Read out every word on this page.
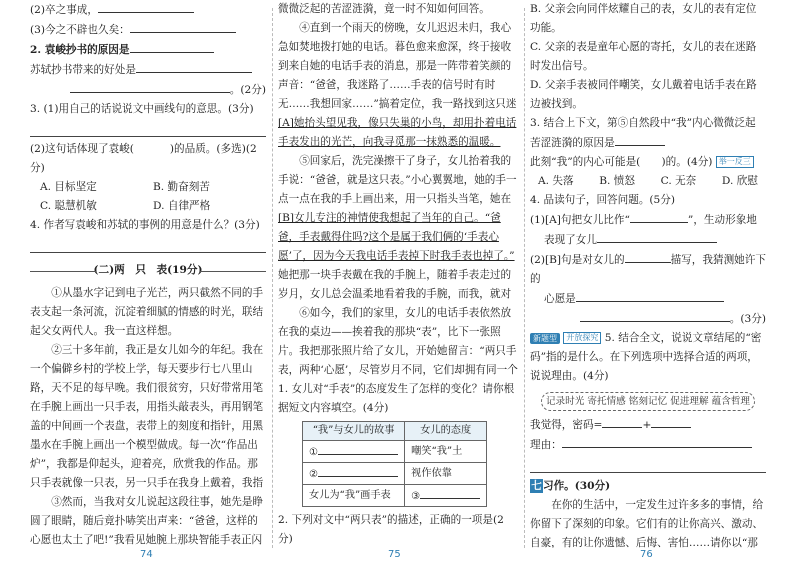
(2)卒之事成，

(3)今之不辟也久矣：

2. 袁峻抄书的原因是

苏轼抄书带来的好处是

。(2分)

3. (1)用自己的话说说文中画线句的意思。(3分)

(2)这句话体现了袁峻(	)的品质。(多选)(2分)

A. 目标坚定	B. 勤奋刻苦
C. 聪慧机敏	D. 自律严格

4. 作者写袁峻和苏轼的事例的用意是什么？(3分)

(二)两　只　表(19分)

①从墨水字记到电子光芒，两只截然不同的手表支起一条河流，沉淀着细腻的情感的时光，联结起父女两代人。我一直这样想。

②三十多年前，我正是女儿如今的年纪。我在一个偏僻乡村的学校上学，每天要步行七八里山路，天不足的每早晚。我们很贫穷，只好带常用笔在手腕上画出一只手表，用指头敲表头，再用钢笔盖的中间画一个表盘，表带上的刻度和指针，用黑墨水在手腕上画出一个模型做成。每一次“作品出炉”，我都是仰起头，迎着亮，欣赏我的作品。那只手表就像一只表，另一只手在我身上戴着，我指

③然而，当我对女儿说起这段往事，她先是睁圆了眼睛，随后竟扑哧笑出声来：“爸爸，这样的心愿也太土了吧!”我看见她腕上那块智能手表正闪

74

微微泛起的苦涩涟漪，竟一时不知如何回答。

④直到一个雨天的傍晚，女儿迟迟未归，我心急如焚地拨打她的电话。暮色愈来愈深，终于接收到来自她的电话手表的消息，那是一阵带着笑颜的声音：“爸爸，我迷路了……手表的信号时有时无……我想回家……”搞着定位，我一路找到这只迷

[A]她抬头望见我，像只失巢的小鸟，却用扑着电话手表发出的光芒，向我寻觅那一抹熟悉的温暖。

⑤回家后，洗完澡擦干了身子，女儿抬着我的手说：“爸爸，就是这只表。”小心翼翼地，她的手一点一点在我的手上画出来，用一只指头当笔，她在

[B]女儿专注的神情使我想起了当年的自己。“爸爸，手表戴得住吗?这个是属于我们俩的‘手表心愿’了，因为今天我电话手表掉下时我手表也掉了。”

她把那一块手表戴在我的手腕上，随着手表走过的岁月，女儿总会温柔地看着我的手腕，而我，就对

⑥如今，我们的家里，女儿的电话手表依然放在我的桌边——挨着我的那块“表”，比下一张照片。我把那张照片给了女儿，开始她留言：“两只手表，两种‘心愿’，尽管岁月不同，它们却拥有同一个

1. 女儿对“手表”的态度发生了怎样的变化？请你根据短文内容填空。(4分)

“我”与女儿的故事	女儿的态度
①	嘲笑“我”土
②	视作依靠
女儿为“我”画手表	③

2. 下列对文中“两只表”的描述，正确的一项是(2分)

75

B. 父亲会向同伴炫耀自己的表，女儿的表有定位功能。

C. 父亲的表是童年心愿的寄托，女儿的表在迷路时发出信号。

D. 父亲手表被同伴嘲笑，女儿戴着电话手表在路边被找到。

3. 结合上下文，第⑤自然段中“我”内心微微泛起苦涩涟漪的原因是

此刻“我”的内心可能是(　　)的。(4分) 举一反三

A. 失落 B. 愤怒 C. 无奈 D. 欣慰

4. 品读句子，回答问题。(5分)

(1)[A]句把女儿比作“	”，生动形象地

表现了女儿

(2)[B]句是对女儿的	描写，我猜测她许下的

心愿是

。(3分)

新题型 开放探究 5. 结合全文，说说文章结尾的“密码”指的是什么。在下列选项中选择合适的两项，说说理由。(4分)

记录时光 寄托情感 铭刻记忆 促进理解 蕴含哲理

我觉得，密码=	+

理由：

七习作。(30分)

在你的生活中，一定发生过许多多的事情，给你留下了深刻的印象。它们有的让你高兴、激动、自豪，有的让你遗憾、后悔、害怕……请你以“那

76
